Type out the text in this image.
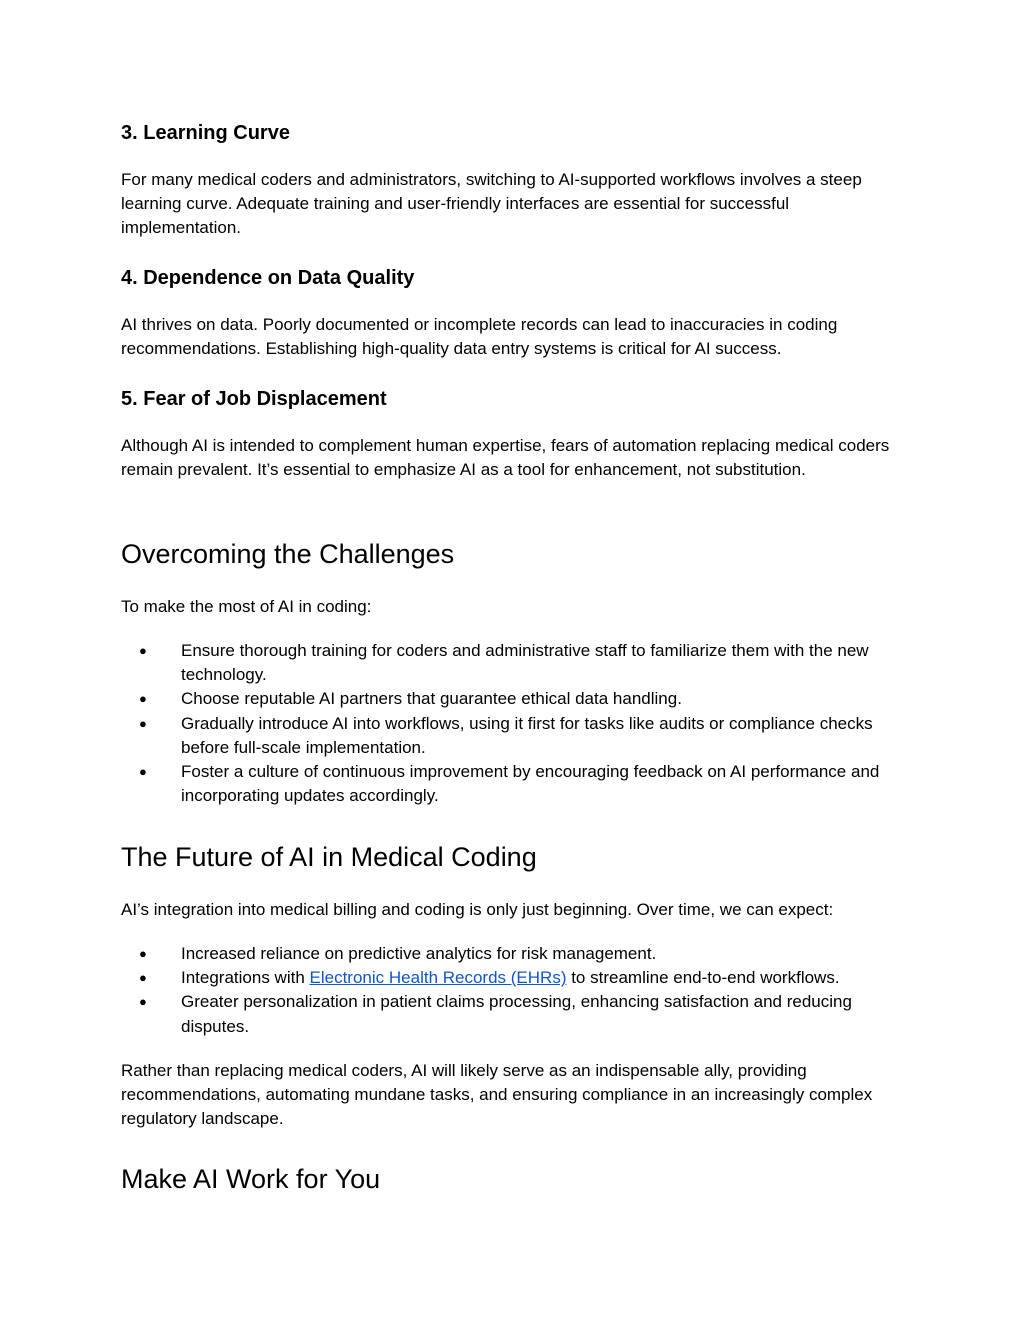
3. Learning Curve

For many medical coders and administrators, switching to AI-supported workflows involves a steep learning curve. Adequate training and user-friendly interfaces are essential for successful implementation.

4. Dependence on Data Quality

AI thrives on data. Poorly documented or incomplete records can lead to inaccuracies in coding recommendations. Establishing high-quality data entry systems is critical for AI success.

5. Fear of Job Displacement

Although AI is intended to complement human expertise, fears of automation replacing medical coders remain prevalent. It’s essential to emphasize AI as a tool for enhancement, not substitution.

Overcoming the Challenges

To make the most of AI in coding:

● Ensure thorough training for coders and administrative staff to familiarize them with the new technology.
● Choose reputable AI partners that guarantee ethical data handling.
● Gradually introduce AI into workflows, using it first for tasks like audits or compliance checks before full-scale implementation.
● Foster a culture of continuous improvement by encouraging feedback on AI performance and incorporating updates accordingly.
The Future of AI in Medical Coding

AI’s integration into medical billing and coding is only just beginning. Over time, we can expect:

● Increased reliance on predictive analytics for risk management.
● Integrations with Electronic Health Records (EHRs) to streamline end-to-end workflows.
● Greater personalization in patient claims processing, enhancing satisfaction and reducing disputes.

Rather than replacing medical coders, AI will likely serve as an indispensable ally, providing recommendations, automating mundane tasks, and ensuring compliance in an increasingly complex regulatory landscape.

Make AI Work for You
